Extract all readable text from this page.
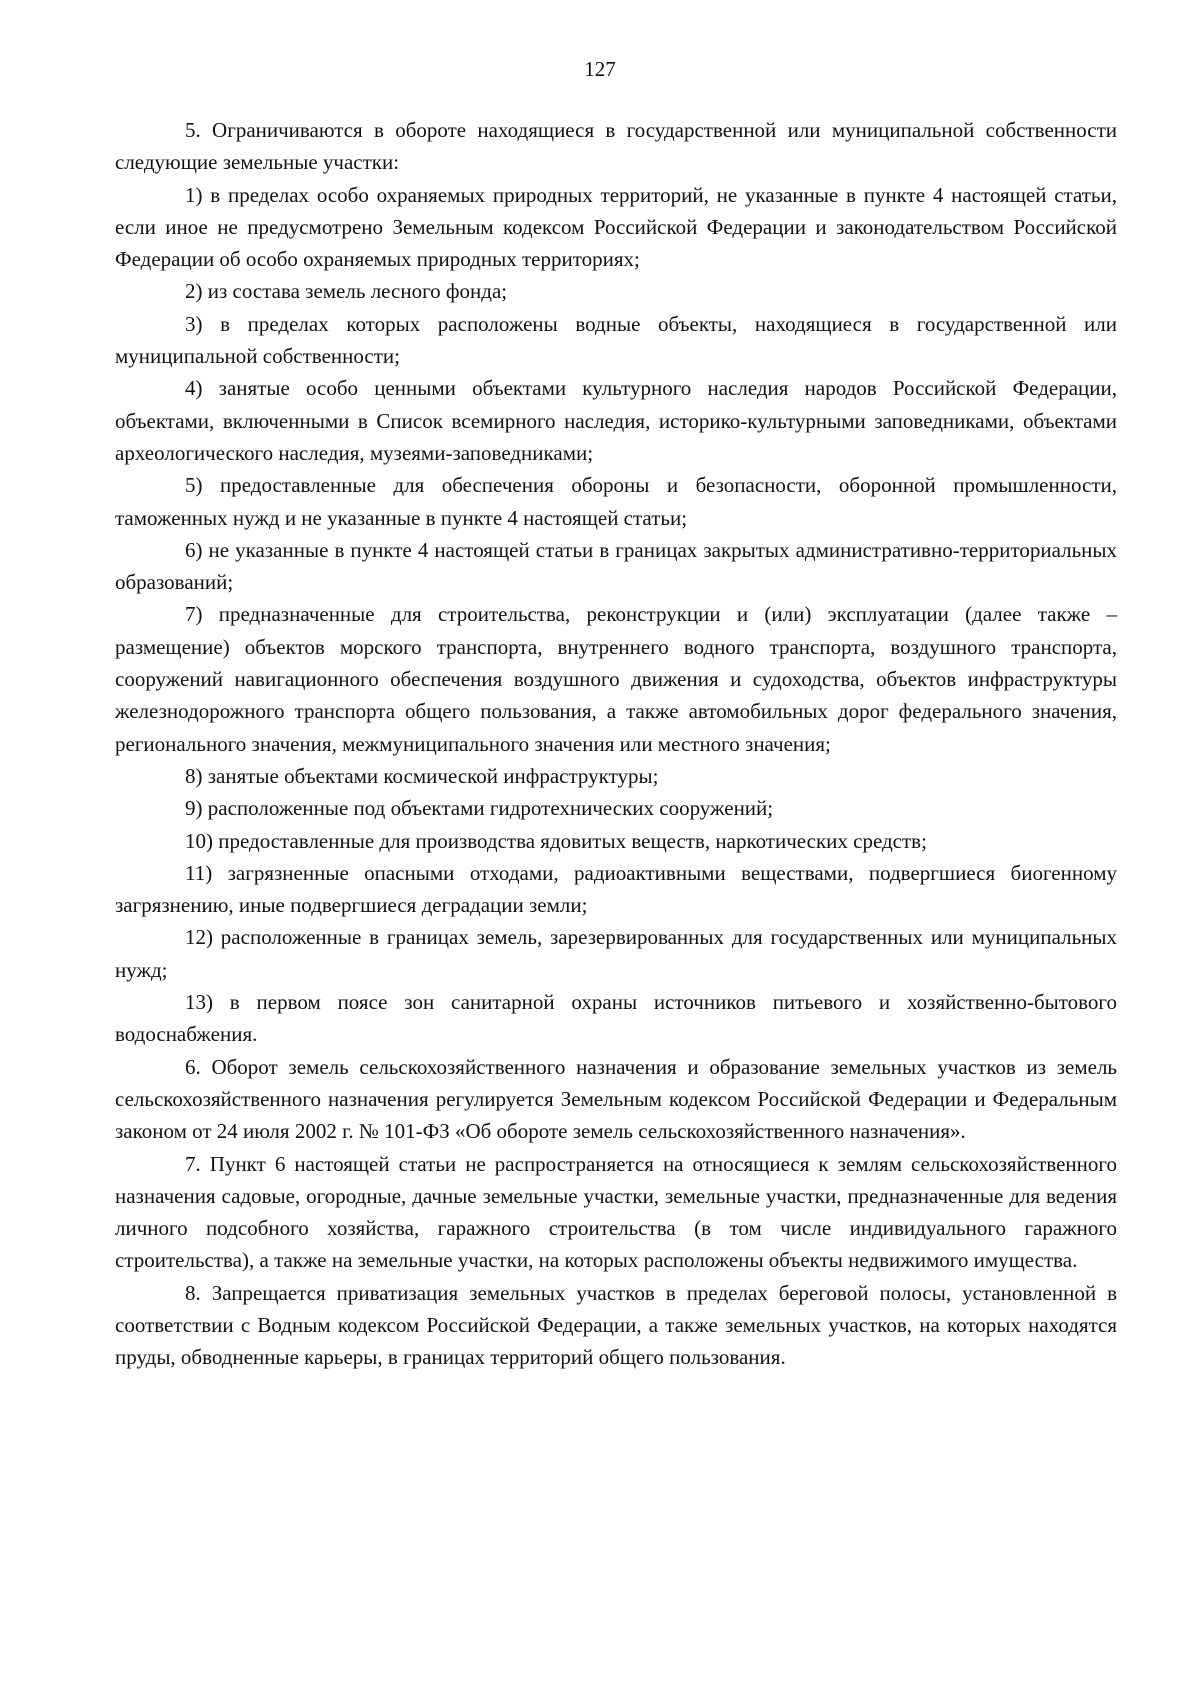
127

5. Ограничиваются в обороте находящиеся в государственной или муниципальной собственности следующие земельные участки:

1) в пределах особо охраняемых природных территорий, не указанные в пункте 4 настоящей статьи, если иное не предусмотрено Земельным кодексом Российской Федерации и законодательством Российской Федерации об особо охраняемых природных территориях;

2) из состава земель лесного фонда;

3) в пределах которых расположены водные объекты, находящиеся в государственной или муниципальной собственности;

4) занятые особо ценными объектами культурного наследия народов Российской Федерации, объектами, включенными в Список всемирного наследия, историко-культурными заповедниками, объектами археологического наследия, музеями-заповедниками;

5) предоставленные для обеспечения обороны и безопасности, оборонной промышленности, таможенных нужд и не указанные в пункте 4 настоящей статьи;

6) не указанные в пункте 4 настоящей статьи в границах закрытых административно-территориальных образований;

7) предназначенные для строительства, реконструкции и (или) эксплуатации (далее также – размещение) объектов морского транспорта, внутреннего водного транспорта, воздушного транспорта, сооружений навигационного обеспечения воздушного движения и судоходства, объектов инфраструктуры железнодорожного транспорта общего пользования, а также автомобильных дорог федерального значения, регионального значения, межмуниципального значения или местного значения;

8) занятые объектами космической инфраструктуры;

9) расположенные под объектами гидротехнических сооружений;

10) предоставленные для производства ядовитых веществ, наркотических средств;

11) загрязненные опасными отходами, радиоактивными веществами, подвергшиеся биогенному загрязнению, иные подвергшиеся деградации земли;

12) расположенные в границах земель, зарезервированных для государственных или муниципальных нужд;

13) в первом поясе зон санитарной охраны источников питьевого и хозяйственно-бытового водоснабжения.

6. Оборот земель сельскохозяйственного назначения и образование земельных участков из земель сельскохозяйственного назначения регулируется Земельным кодексом Российской Федерации и Федеральным законом от 24 июля 2002 г. № 101-ФЗ «Об обороте земель сельскохозяйственного назначения».

7. Пункт 6 настоящей статьи не распространяется на относящиеся к землям сельскохозяйственного назначения садовые, огородные, дачные земельные участки, земельные участки, предназначенные для ведения личного подсобного хозяйства, гаражного строительства (в том числе индивидуального гаражного строительства), а также на земельные участки, на которых расположены объекты недвижимого имущества.

8. Запрещается приватизация земельных участков в пределах береговой полосы, установленной в соответствии с Водным кодексом Российской Федерации, а также земельных участков, на которых находятся пруды, обводненные карьеры, в границах территорий общего пользования.
